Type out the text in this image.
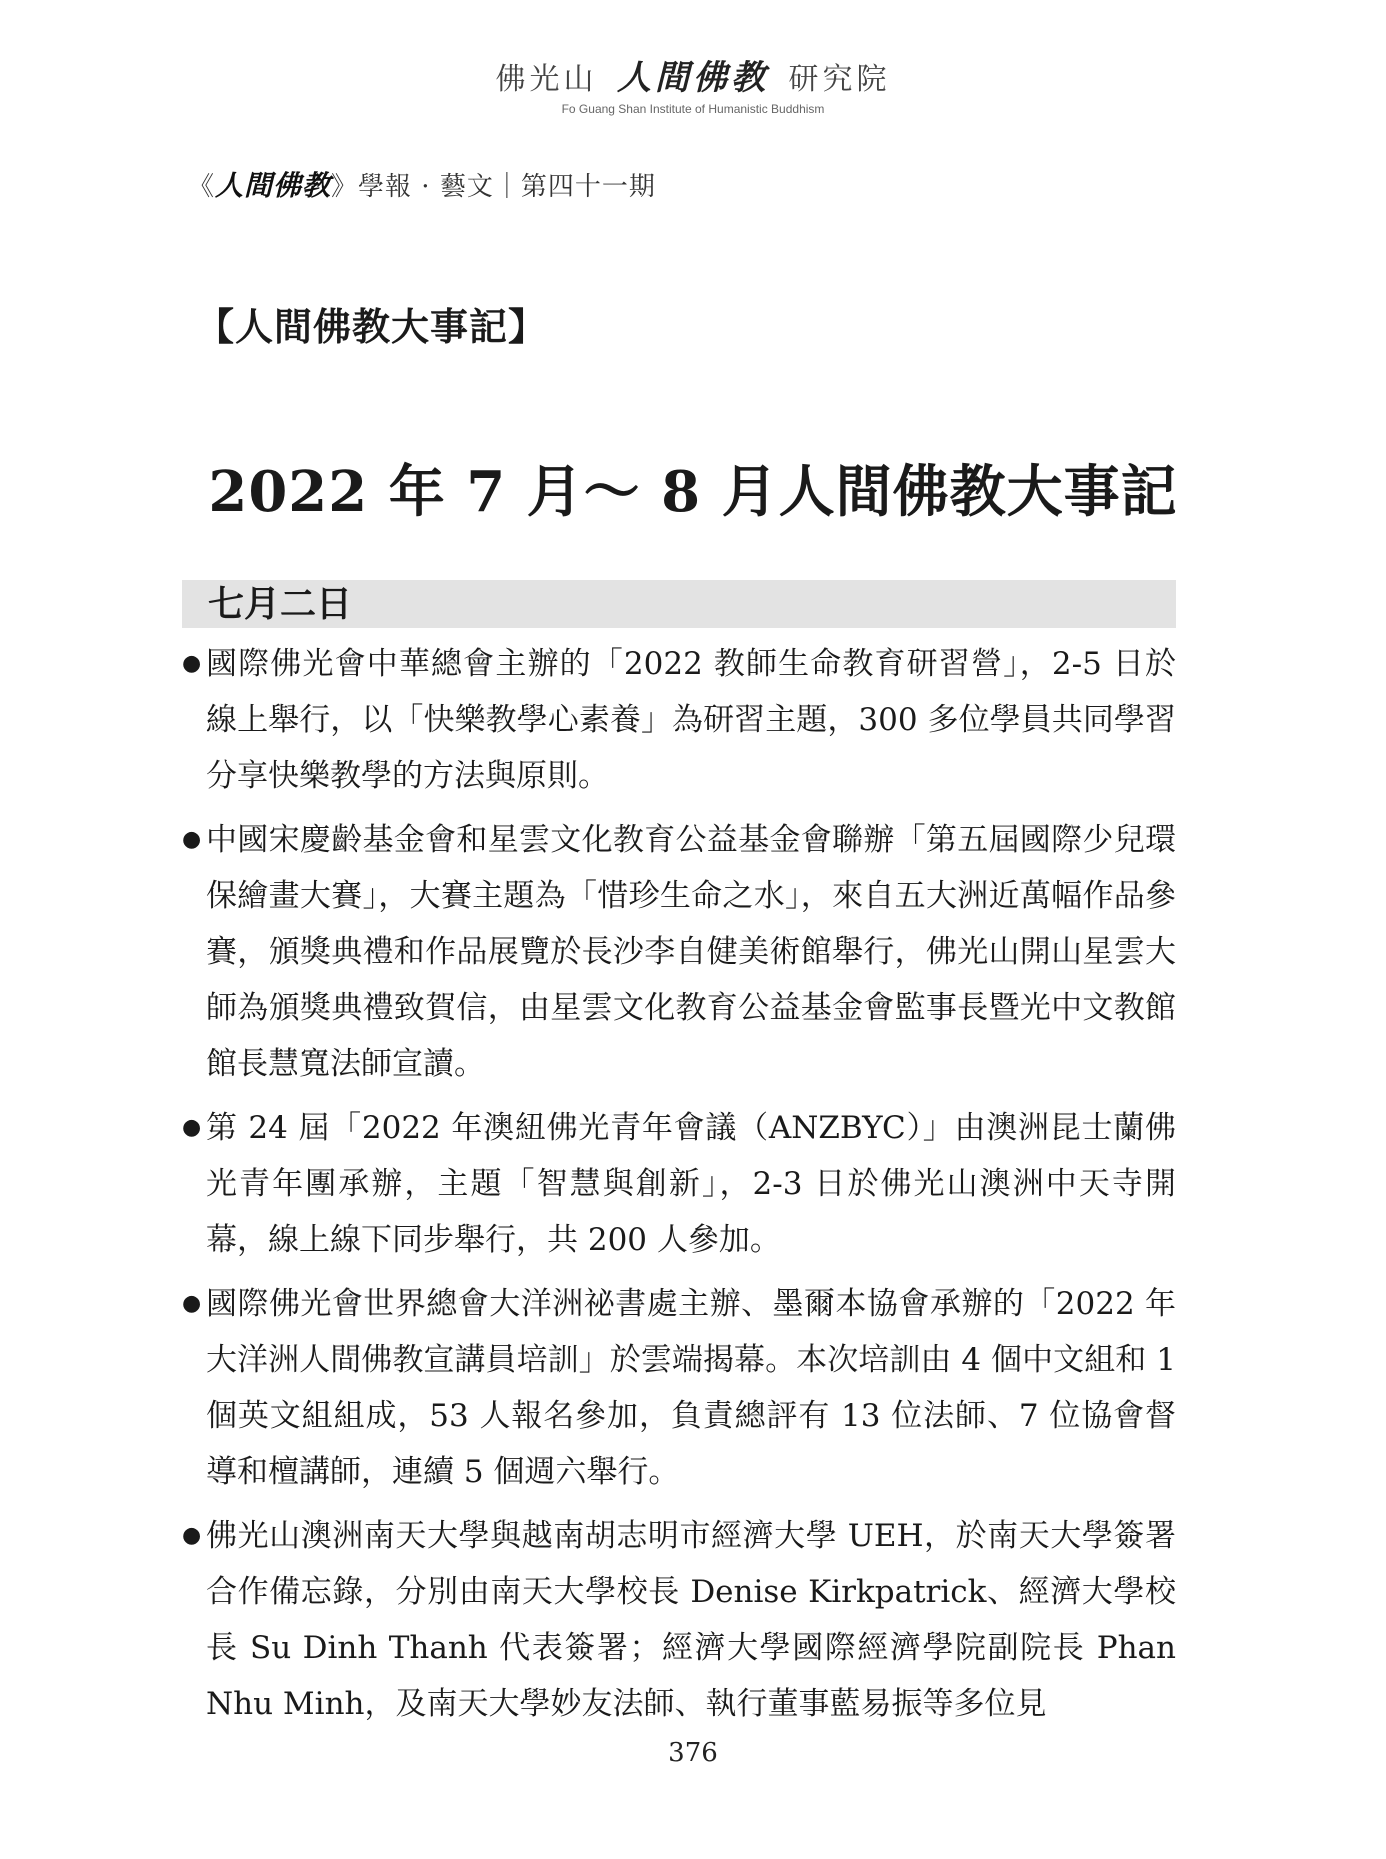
佛光山 人間佛教 研究院
Fo Guang Shan Institute of Humanistic Buddhism
《人間佛教》學報 · 藝文｜第四十一期
【人間佛教大事記】
2022 年 7 月～ 8 月人間佛教大事記
七月二日
● 國際佛光會中華總會主辦的「2022 教師生命教育研習營」，2-5 日於線上舉行，以「快樂教學心素養」為研習主題，300 多位學員共同學習分享快樂教學的方法與原則。
● 中國宋慶齡基金會和星雲文化教育公益基金會聯辦「第五屆國際少兒環保繪畫大賽」，大賽主題為「惜珍生命之水」，來自五大洲近萬幅作品參賽，頒獎典禮和作品展覽於長沙李自健美術館舉行，佛光山開山星雲大師為頒獎典禮致賀信，由星雲文化教育公益基金會監事長暨光中文教館館長慧寬法師宣讀。
● 第 24 屆「2022 年澳紐佛光青年會議（ANZBYC）」由澳洲昆士蘭佛光青年團承辦，主題「智慧與創新」，2-3 日於佛光山澳洲中天寺開幕，線上線下同步舉行，共 200 人參加。
● 國際佛光會世界總會大洋洲祕書處主辦、墨爾本協會承辦的「2022 年大洋洲人間佛教宣講員培訓」於雲端揭幕。本次培訓由 4 個中文組和 1 個英文組組成，53 人報名參加，負責總評有 13 位法師、7 位協會督導和檀講師，連續 5 個週六舉行。
● 佛光山澳洲南天大學與越南胡志明市經濟大學 UEH，於南天大學簽署合作備忘錄，分別由南天大學校長 Denise Kirkpatrick、經濟大學校長 Su Dinh Thanh 代表簽署；經濟大學國際經濟學院副院長 Phan Nhu Minh，及南天大學妙友法師、執行董事藍易振等多位見
376
